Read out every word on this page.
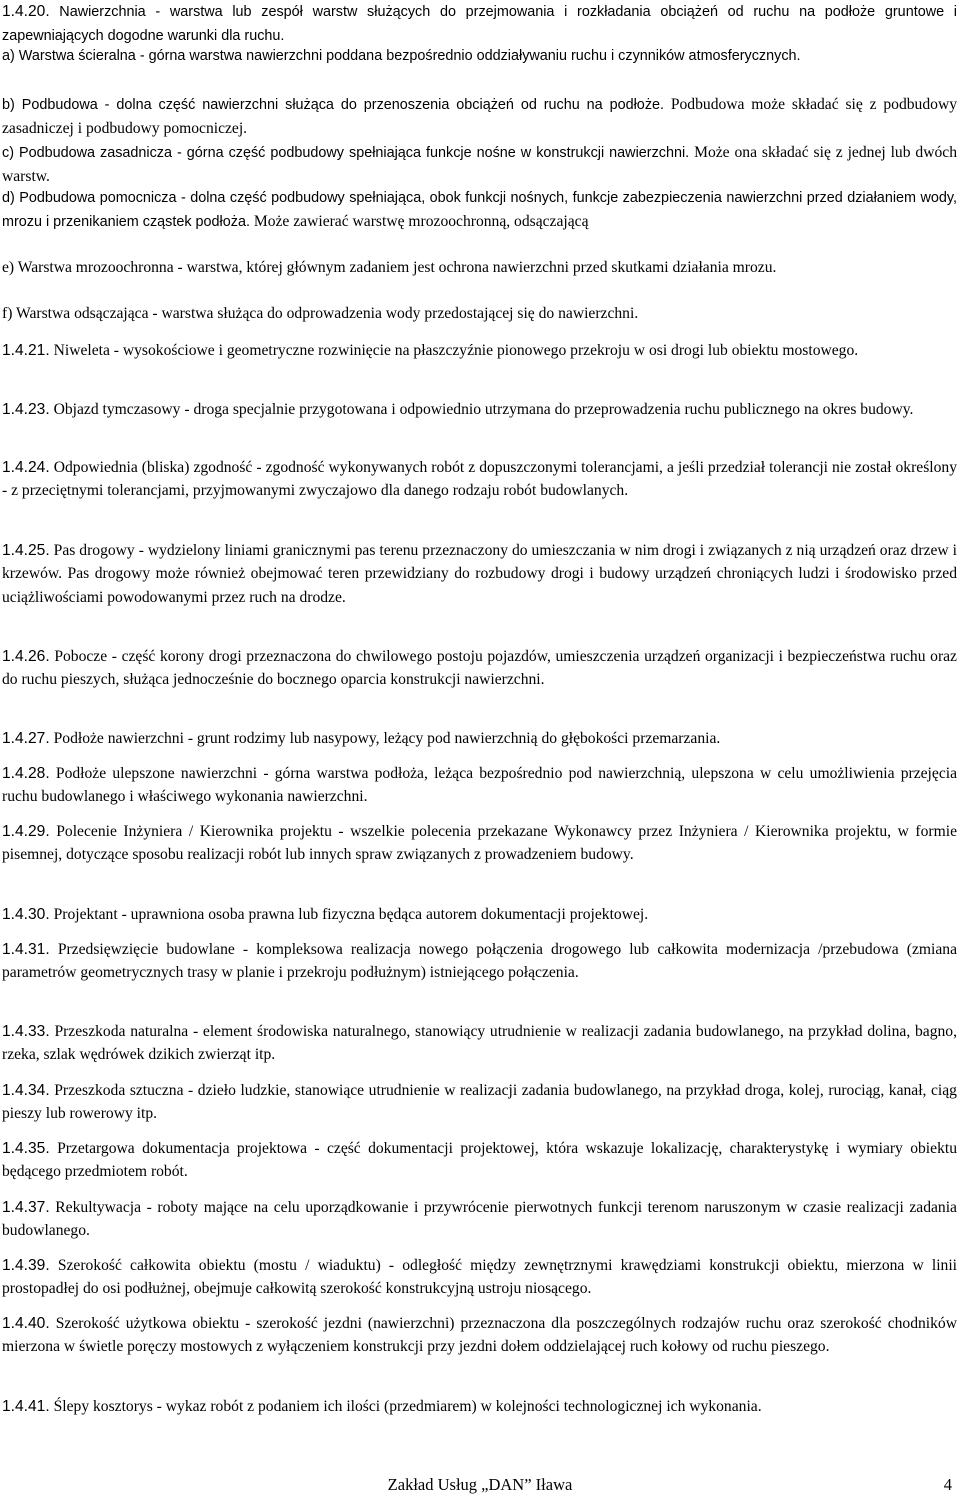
1.4.20. Nawierzchnia - warstwa lub zespół warstw służących do przejmowania i rozkładania obciążeń od ruchu na podłoże gruntowe i zapewniających dogodne warunki dla ruchu.

a) Warstwa ścieralna - górna warstwa nawierzchni poddana bezpośrednio oddziaływaniu ruchu i czynników atmosferycznych.

b) Podbudowa - dolna część nawierzchni służąca do przenoszenia obciążeń od ruchu na podłoże. Podbudowa może składać się z podbudowy zasadniczej i podbudowy pomocniczej.

c) Podbudowa zasadnicza - górna część podbudowy spełniająca funkcje nośne w konstrukcji nawierzchni. Może ona składać się z jednej lub dwóch warstw.

d) Podbudowa pomocnicza - dolna część podbudowy spełniająca, obok funkcji nośnych, funkcje zabezpieczenia nawierzchni przed działaniem wody, mrozu i przenikaniem cząstek podłoża. Może zawierać warstwę mrozoochronną, odsączającą

e) Warstwa mrozoochronna - warstwa, której głównym zadaniem jest ochrona nawierzchni przed skutkami działania mrozu.

f) Warstwa odsączająca - warstwa służąca do odprowadzenia wody przedostającej się do nawierzchni.

1.4.21. Niweleta - wysokościowe i geometryczne rozwinięcie na płaszczyźnie pionowego przekroju w osi drogi lub obiektu mostowego.

1.4.23. Objazd tymczasowy - droga specjalnie przygotowana i odpowiednio utrzymana do przeprowadzenia ruchu publicznego na okres budowy.

1.4.24. Odpowiednia (bliska) zgodność - zgodność wykonywanych robót z dopuszczonymi tolerancjami, a jeśli przedział tolerancji nie został określony - z przeciętnymi tolerancjami, przyjmowanymi zwyczajowo dla danego rodzaju robót budowlanych.

1.4.25. Pas drogowy - wydzielony liniami granicznymi pas terenu przeznaczony do umieszczania w nim drogi i związanych z nią urządzeń oraz drzew i krzewów. Pas drogowy może również obejmować teren przewidziany do rozbudowy drogi i budowy urządzeń chroniących ludzi i środowisko przed uciążliwościami powodowanymi przez ruch na drodze.

1.4.26. Pobocze - część korony drogi przeznaczona do chwilowego postoju pojazdów, umieszczenia urządzeń organizacji i bezpieczeństwa ruchu oraz do ruchu pieszych, służąca jednocześnie do bocznego oparcia konstrukcji nawierzchni.

1.4.27. Podłoże nawierzchni - grunt rodzimy lub nasypowy, leżący pod nawierzchnią do głębokości przemarzania.

1.4.28. Podłoże ulepszone nawierzchni - górna warstwa podłoża, leżąca bezpośrednio pod nawierzchnią, ulepszona w celu umożliwienia przejęcia ruchu budowlanego i właściwego wykonania nawierzchni.

1.4.29. Polecenie Inżyniera / Kierownika projektu - wszelkie polecenia przekazane Wykonawcy przez Inżyniera / Kierownika projektu, w formie pisemnej, dotyczące sposobu realizacji robót lub innych spraw związanych z prowadzeniem budowy.

1.4.30. Projektant - uprawniona osoba prawna lub fizyczna będąca autorem dokumentacji projektowej.

1.4.31. Przedsięwzięcie budowlane - kompleksowa realizacja nowego połączenia drogowego lub całkowita modernizacja /przebudowa (zmiana parametrów geometrycznych trasy w planie i przekroju podłużnym) istniejącego połączenia.

1.4.33. Przeszkoda naturalna - element środowiska naturalnego, stanowiący utrudnienie w realizacji zadania budowlanego, na przykład dolina, bagno, rzeka, szlak wędrówek dzikich zwierząt itp.

1.4.34. Przeszkoda sztuczna - dzieło ludzkie, stanowiące utrudnienie w realizacji zadania budowlanego, na przykład droga, kolej, rurociąg, kanał, ciąg pieszy lub rowerowy itp.

1.4.35. Przetargowa dokumentacja projektowa - część dokumentacji projektowej, która wskazuje lokalizację, charakterystykę i wymiary obiektu będącego przedmiotem robót.

1.4.37. Rekultywacja - roboty mające na celu uporządkowanie i przywrócenie pierwotnych funkcji terenom naruszonym w czasie realizacji zadania budowlanego.

1.4.39. Szerokość całkowita obiektu (mostu / wiaduktu) - odległość między zewnętrznymi krawędziami konstrukcji obiektu, mierzona w linii prostopadłej do osi podłużnej, obejmuje całkowitą szerokość konstrukcyjną ustroju niosącego.

1.4.40. Szerokość użytkowa obiektu - szerokość jezdni (nawierzchni) przeznaczona dla poszczególnych rodzajów ruchu oraz szerokość chodników mierzona w świetle poręczy mostowych z wyłączeniem konstrukcji przy jezdni dołem oddzielającej ruch kołowy od ruchu pieszego.

1.4.41. Ślepy kosztorys - wykaz robót z podaniem ich ilości (przedmiarem) w kolejności technologicznej ich wykonania.

Zakład Usług „DAN” Iława	4
